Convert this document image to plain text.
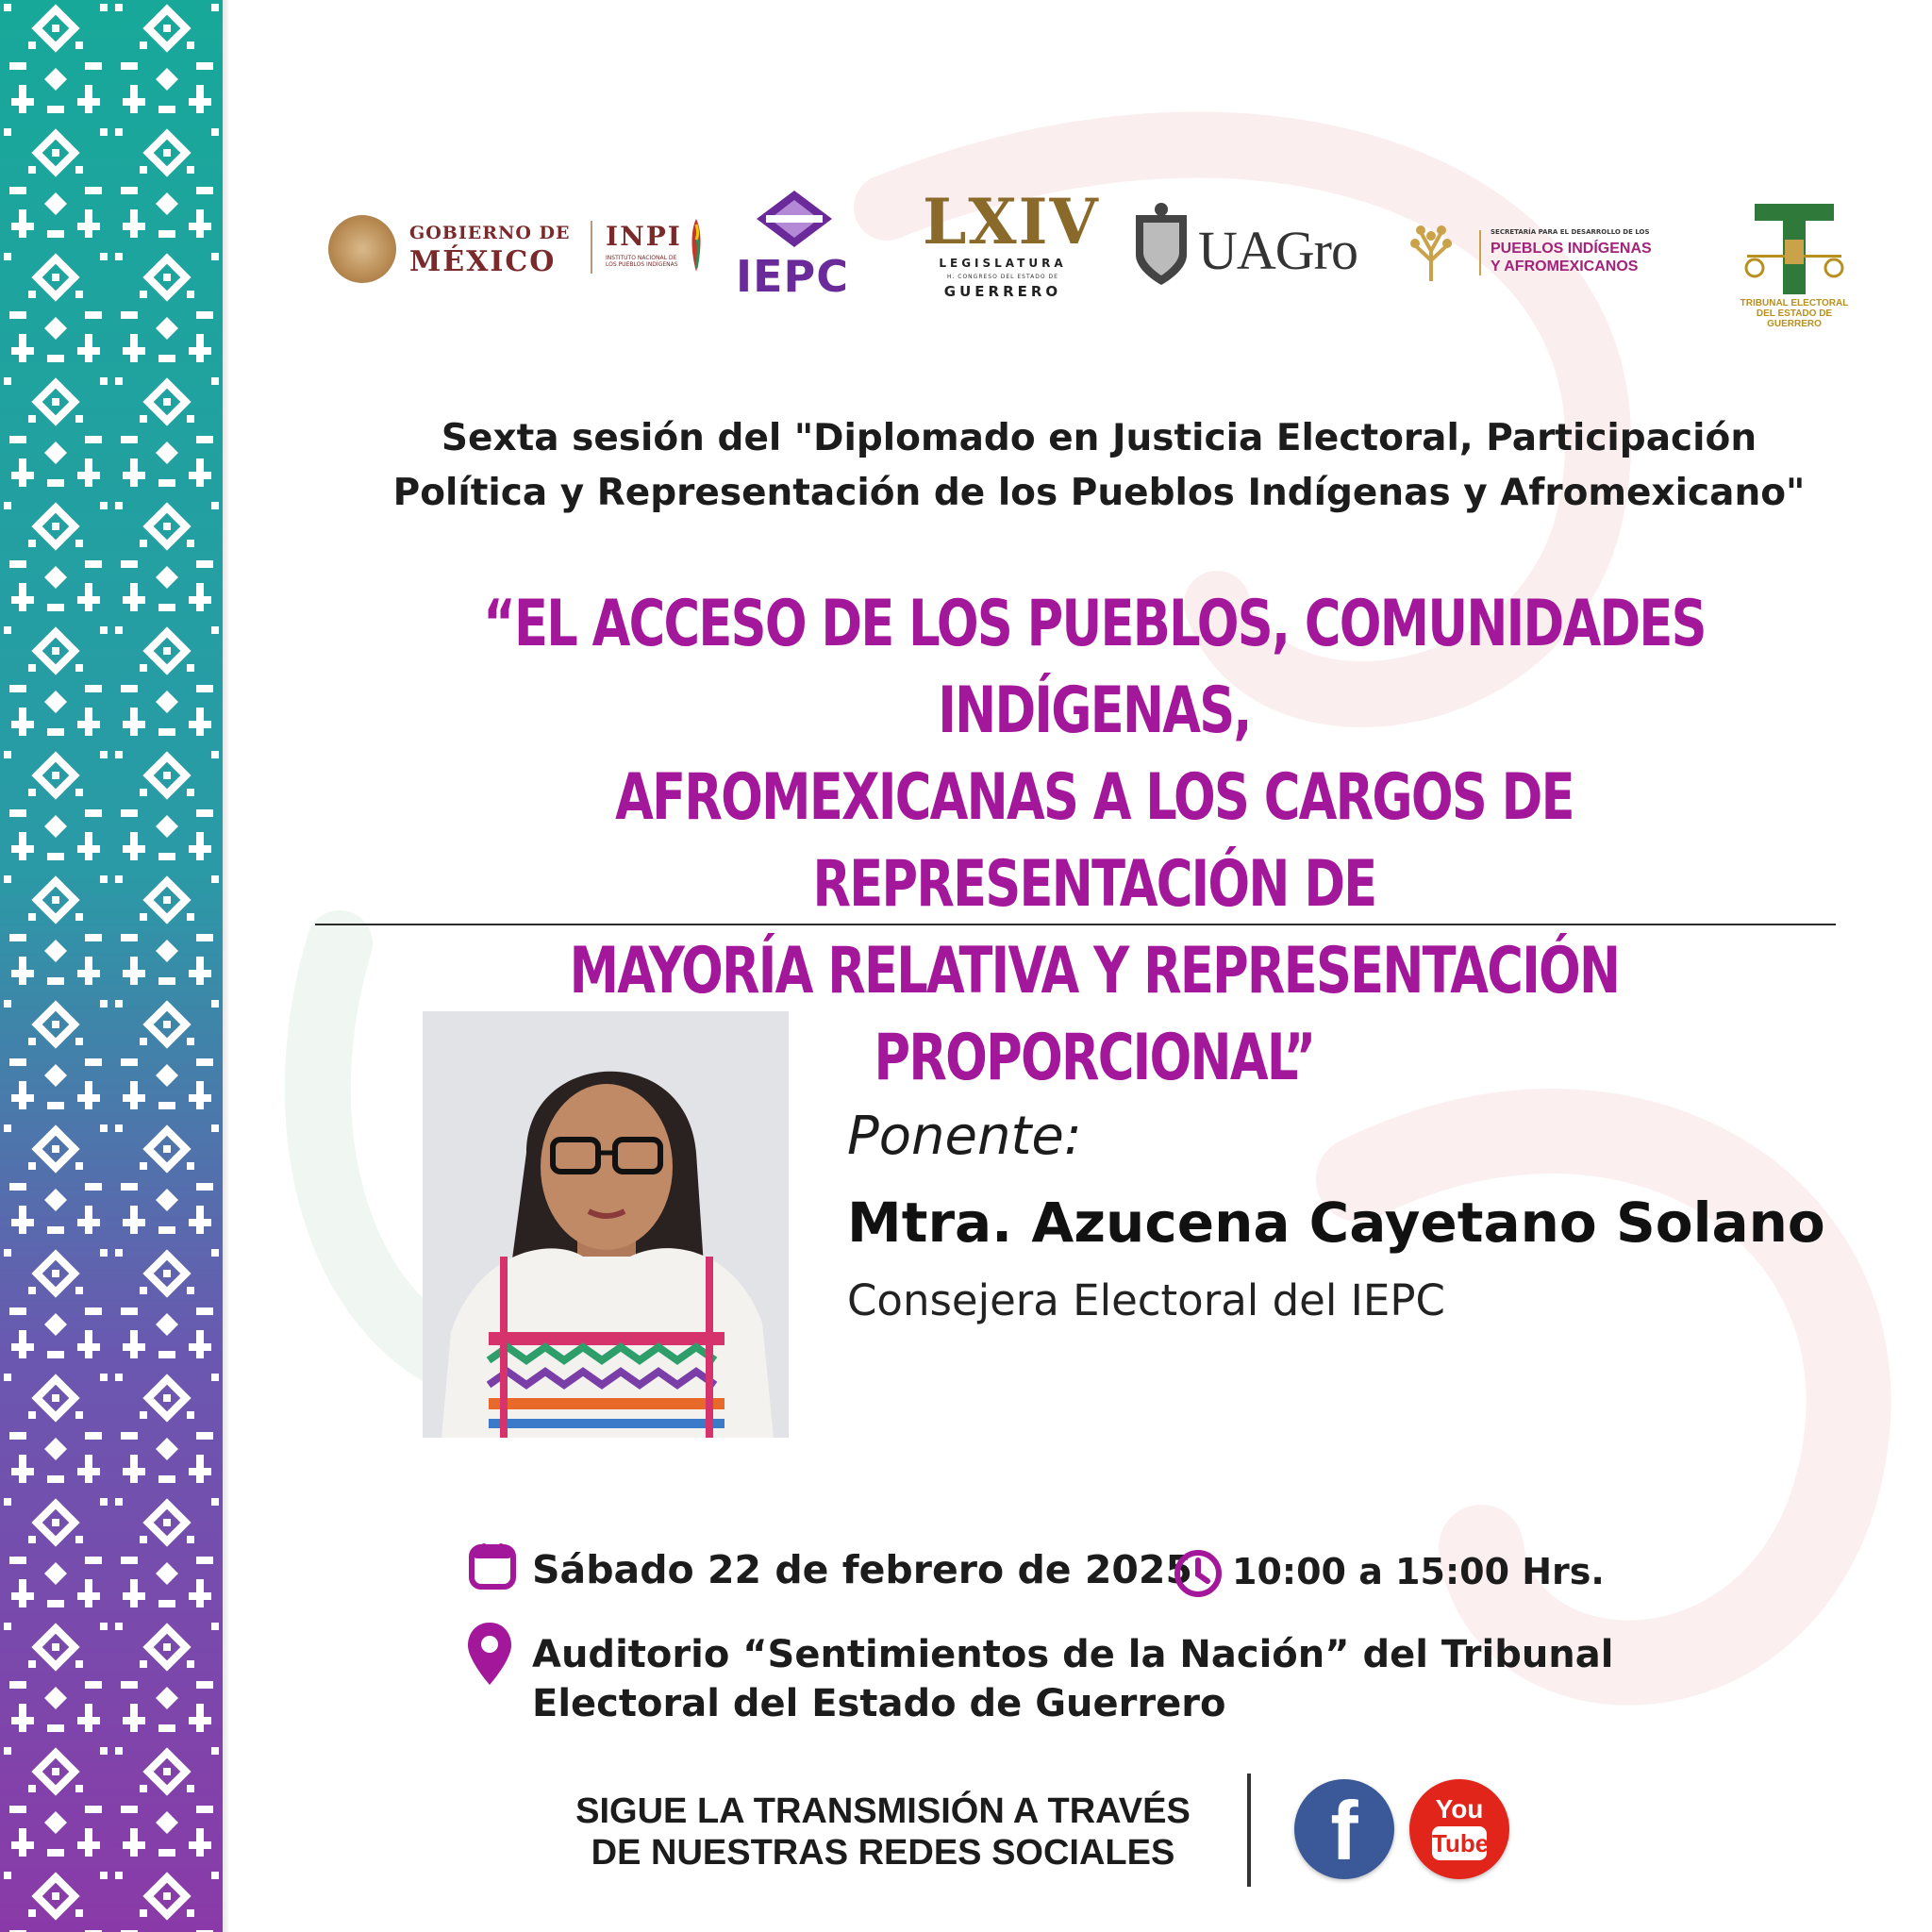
GOBIERNO DE
MÉXICO
INPI
INSTITUTO NACIONAL DE LOS PUEBLOS INDÍGENAS IEPC
LXIV
LEGISLATURA
H. CONGRESO DEL ESTADO DE
GUERRERO
UAGro	SECRETARÍA PARA EL DESARROLLO DE LOS
PUEBLOS INDÍGENAS
Y AFROMEXICANOS
TRIBUNAL ELECTORAL
DEL ESTADO DE GUERRERO
Sexta sesión del "Diplomado en Justicia Electoral, Participación
Política y Representación de los Pueblos Indígenas y Afromexicano"
“EL ACCESO DE LOS PUEBLOS, COMUNIDADES INDÍGENAS,
AFROMEXICANAS A LOS CARGOS DE REPRESENTACIÓN DE
MAYORÍA RELATIVA Y REPRESENTACIÓN PROPORCIONAL”
Ponente:
Mtra. Azucena Cayetano Solano
Consejera Electoral del IEPC
Sábado 22 de febrero de 2025 10:00 a 15:00 Hrs.
Auditorio “Sentimientos de la Nación” del Tribunal
Electoral del Estado de Guerrero
SIGUE LA TRANSMISIÓN A TRAVÉS
DE NUESTRAS REDES SOCIALES	f	You
Tube
